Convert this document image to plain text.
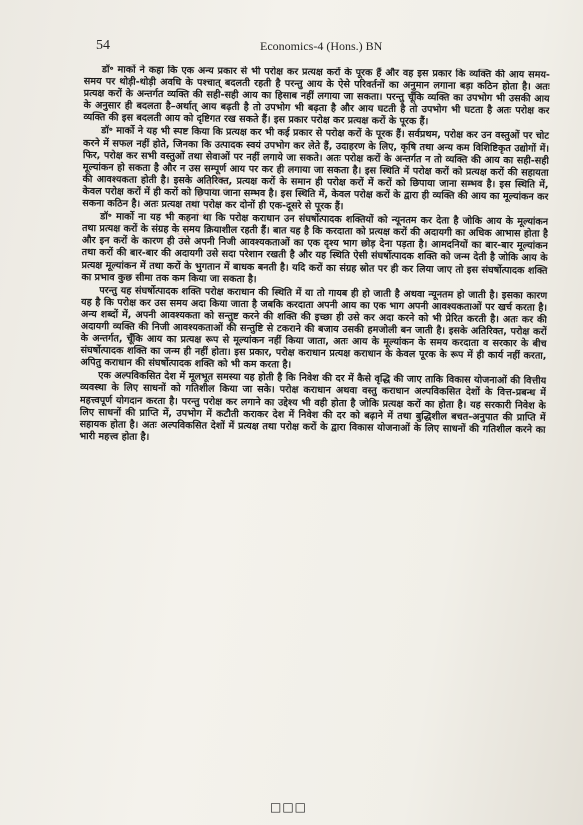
54	Economics-4 (Hons.) BN
⬚ ⬚ ⬚

डॉ॰ मार्को ने कहा कि एक अन्य प्रकार से भी परोक्ष कर प्रत्यक्ष करों के पूरक हैं और वह इस प्रकार कि व्यक्ति की आय समय-समय पर थोड़ी-थोड़ी अवधि के पश्चात् बदलती रहती है परन्तु आय के ऐसे परिवर्तनों का अनुमान लगाना बड़ा कठिन होता है। अतः प्रत्यक्ष करों के अन्तर्गत व्यक्ति की सही-सही आय का हिसाब नहीं लगाया जा सकता। परन्तु चूँकि व्यक्ति का उपभोग भी उसकी आय के अनुसार ही बदलता है–अर्थात् आय बढ़ती है तो उपभोग भी बढ़ता है और आय घटती है तो उपभोग भी घटता है अतः परोक्ष कर व्यक्ति की इस बदलती आय को दृष्टिगत रख सकते हैं। इस प्रकार परोक्ष कर प्रत्यक्ष करों के पूरक हैं।

डॉ॰ मार्को ने यह भी स्पष्ट किया कि प्रत्यक्ष कर भी कई प्रकार से परोक्ष करों के पूरक हैं। सर्वप्रथम, परोक्ष कर उन वस्तुओं पर चोट करने में सफल नहीं होते, जिनका कि उत्पादक स्वयं उपभोग कर लेते हैं, उदाहरण के लिए, कृषि तथा अन्य कम विशिष्टिकृत उद्योगों में। फिर, परोक्ष कर सभी वस्तुओं तथा सेवाओं पर नहीं लगाये जा सकते। अतः परोक्ष करों के अन्तर्गत न तो व्यक्ति की आय का सही-सही मूल्यांकन हो सकता है और न उस सम्पूर्ण आय पर कर ही लगाया जा सकता है। इस स्थिति में परोक्ष करों को प्रत्यक्ष करों की सहायता की आवश्यकता होती है। इसके अतिरिक्त, प्रत्यक्ष करों के समान ही परोक्ष करों में करों को छिपाया जाना सम्भव है। इस स्थिति में, केवल परोक्ष करों में ही करों को छिपाया जाना सम्भव है। इस स्थिति में, केवल परोक्ष करों के द्वारा ही व्यक्ति की आय का मूल्यांकन कर सकना कठिन है। अतः प्रत्यक्ष तथा परोक्ष कर दोनों ही एक-दूसरे से पूरक हैं।

डॉ॰ मार्को ना यह भी कहना था कि परोक्ष कराधान उन संघर्षोत्पादक शक्तियों को न्यूनतम कर देता है जोकि आय के मूल्यांकन तथा प्रत्यक्ष करों के संग्रह के समय क्रियाशील रहती हैं। बात यह है कि करदाता को प्रत्यक्ष करों की अदायगी का अधिक आभास होता है और इन करों के कारण ही उसे अपनी निजी आवश्यकताओं का एक दृश्य भाग छोड़ देना पड़ता है। आमदनियों का बार-बार मूल्यांकन तथा करों की बार-बार की अदायगी उसे सदा परेशान रखती है और यह स्थिति ऐसी संघर्षोत्पादक शक्ति को जन्म देती है जोकि आय के प्रत्यक्ष मूल्यांकन में तथा करों के भुगतान में बाधक बनती है। यदि करों का संग्रह स्रोत पर ही कर लिया जाए तो इस संघर्षोत्पादक शक्ति का प्रभाव कुछ सीमा तक कम किया जा सकता है।

परन्तु यह संघर्षोत्पादक शक्ति परोक्ष कराधान की स्थिति में या तो गायब ही हो जाती है अथवा न्यूनतम हो जाती है। इसका कारण यह है कि परोक्ष कर उस समय अदा किया जाता है जबकि करदाता अपनी आय का एक भाग अपनी आवश्यकताओं पर खर्च करता है। अन्य शब्दों में, अपनी आवश्यकता को सन्तुष्ट करने की शक्ति की इच्छा ही उसे कर अदा करने को भी प्रेरित करती है। अतः कर की अदायगी व्यक्ति की निजी आवश्यकताओं की सन्तुष्टि से टकराने की बजाय उसकी हमजोली बन जाती है। इसके अतिरिक्त, परोक्ष करों के अन्तर्गत, चूँकि आय का प्रत्यक्ष रूप से मूल्यांकन नहीं किया जाता, अतः आय के मूल्यांकन के समय करदाता व सरकार के बीच संघर्षोत्पादक शक्ति का जन्म ही नहीं होता। इस प्रकार, परोक्ष कराधान प्रत्यक्ष कराधान के केवल पूरक के रूप में ही कार्य नहीं करता, अपितु कराधान की संघर्षोत्पादक शक्ति को भी कम करता है।

एक अल्पविकसित देश में मूलभूत समस्या यह होती है कि निवेश की दर में कैसे वृद्धि की जाए ताकि विकास योजनाओं की वित्तीय व्यवस्था के लिए साधनों को गतिशील किया जा सके। परोक्ष कराधान अथवा वस्तु कराधान अल्पविकसित देशों के वित्त-प्रबन्ध में महत्त्वपूर्ण योगदान करता है। परन्तु परोक्ष कर लगाने का उद्देश्य भी वही होता है जोकि प्रत्यक्ष करों का होता है। यह सरकारी निवेश के लिए साधनों की प्राप्ति में, उपभोग में कटौती कराकर देश में निवेश की दर को बढ़ाने में तथा बुद्धिशील बचत-अनुपात की प्राप्ति में सहायक होता है। अतः अल्पविकसित देशों में प्रत्यक्ष तथा परोक्ष करों के द्वारा विकास योजनाओं के लिए साधनों की गतिशील करने का भारी महत्त्व होता है।

□□□
